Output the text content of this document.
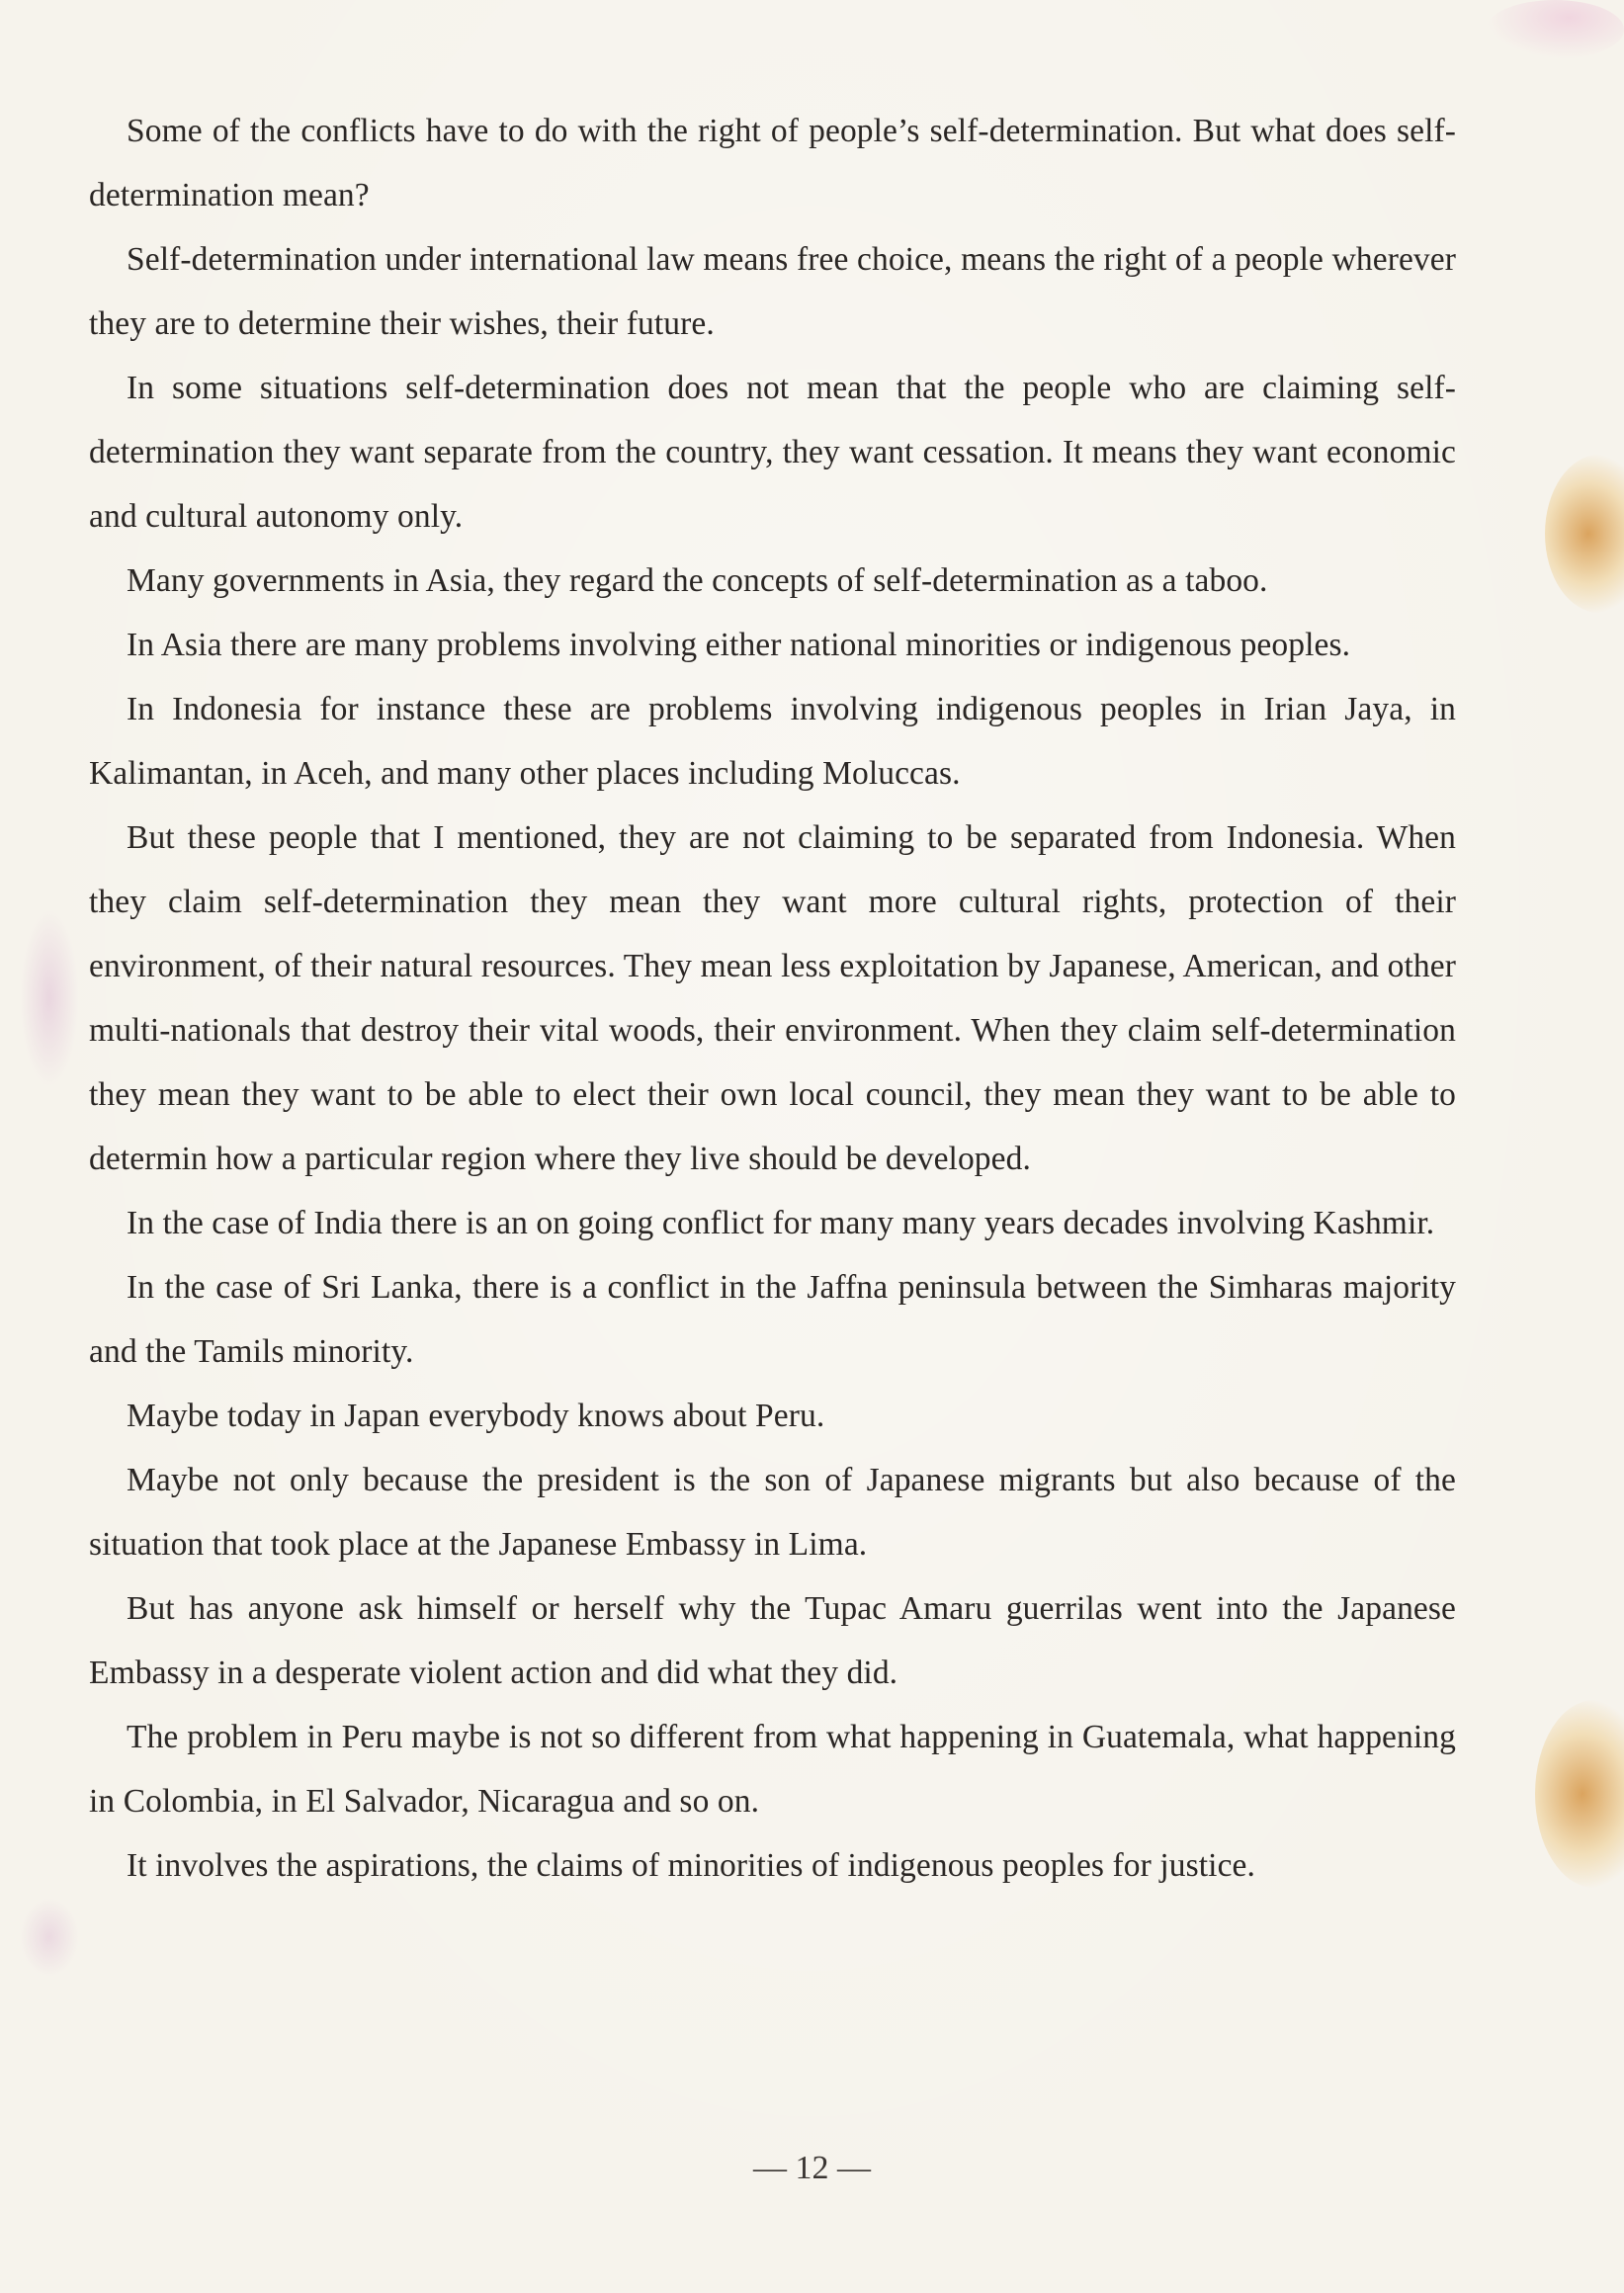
Some of the conflicts have to do with the right of people’s self-determination. But what does self-determination mean?

Self-determination under international law means free choice, means the right of a people wherever they are to determine their wishes, their future.

In some situations self-determination does not mean that the people who are claiming self-determination they want separate from the country, they want cessation. It means they want economic and cultural autonomy only.

Many governments in Asia, they regard the concepts of self-determination as a taboo.

In Asia there are many problems involving either national minorities or indigenous peoples.

In Indonesia for instance these are problems involving indigenous peoples in Irian Jaya, in Kalimantan, in Aceh, and many other places including Moluccas.

But these people that I mentioned, they are not claiming to be separated from Indonesia. When they claim self-determination they mean they want more cultural rights, protection of their environment, of their natural resources. They mean less exploitation by Japanese, American, and other multi-nationals that destroy their vital woods, their environment. When they claim self-determination they mean they want to be able to elect their own local council, they mean they want to be able to determin how a particular region where they live should be developed.

In the case of India there is an on going conflict for many many years decades involving Kashmir.

In the case of Sri Lanka, there is a conflict in the Jaffna peninsula between the Simharas majority and the Tamils minority.

Maybe today in Japan everybody knows about Peru.

Maybe not only because the president is the son of Japanese migrants but also because of the situation that took place at the Japanese Embassy in Lima.

But has anyone ask himself or herself why the Tupac Amaru guerrilas went into the Japanese Embassy in a desperate violent action and did what they did.

The problem in Peru maybe is not so different from what happening in Guatemala, what happening in Colombia, in El Salvador, Nicaragua and so on.

It involves the aspirations, the claims of minorities of indigenous peoples for justice.

— 12 —
